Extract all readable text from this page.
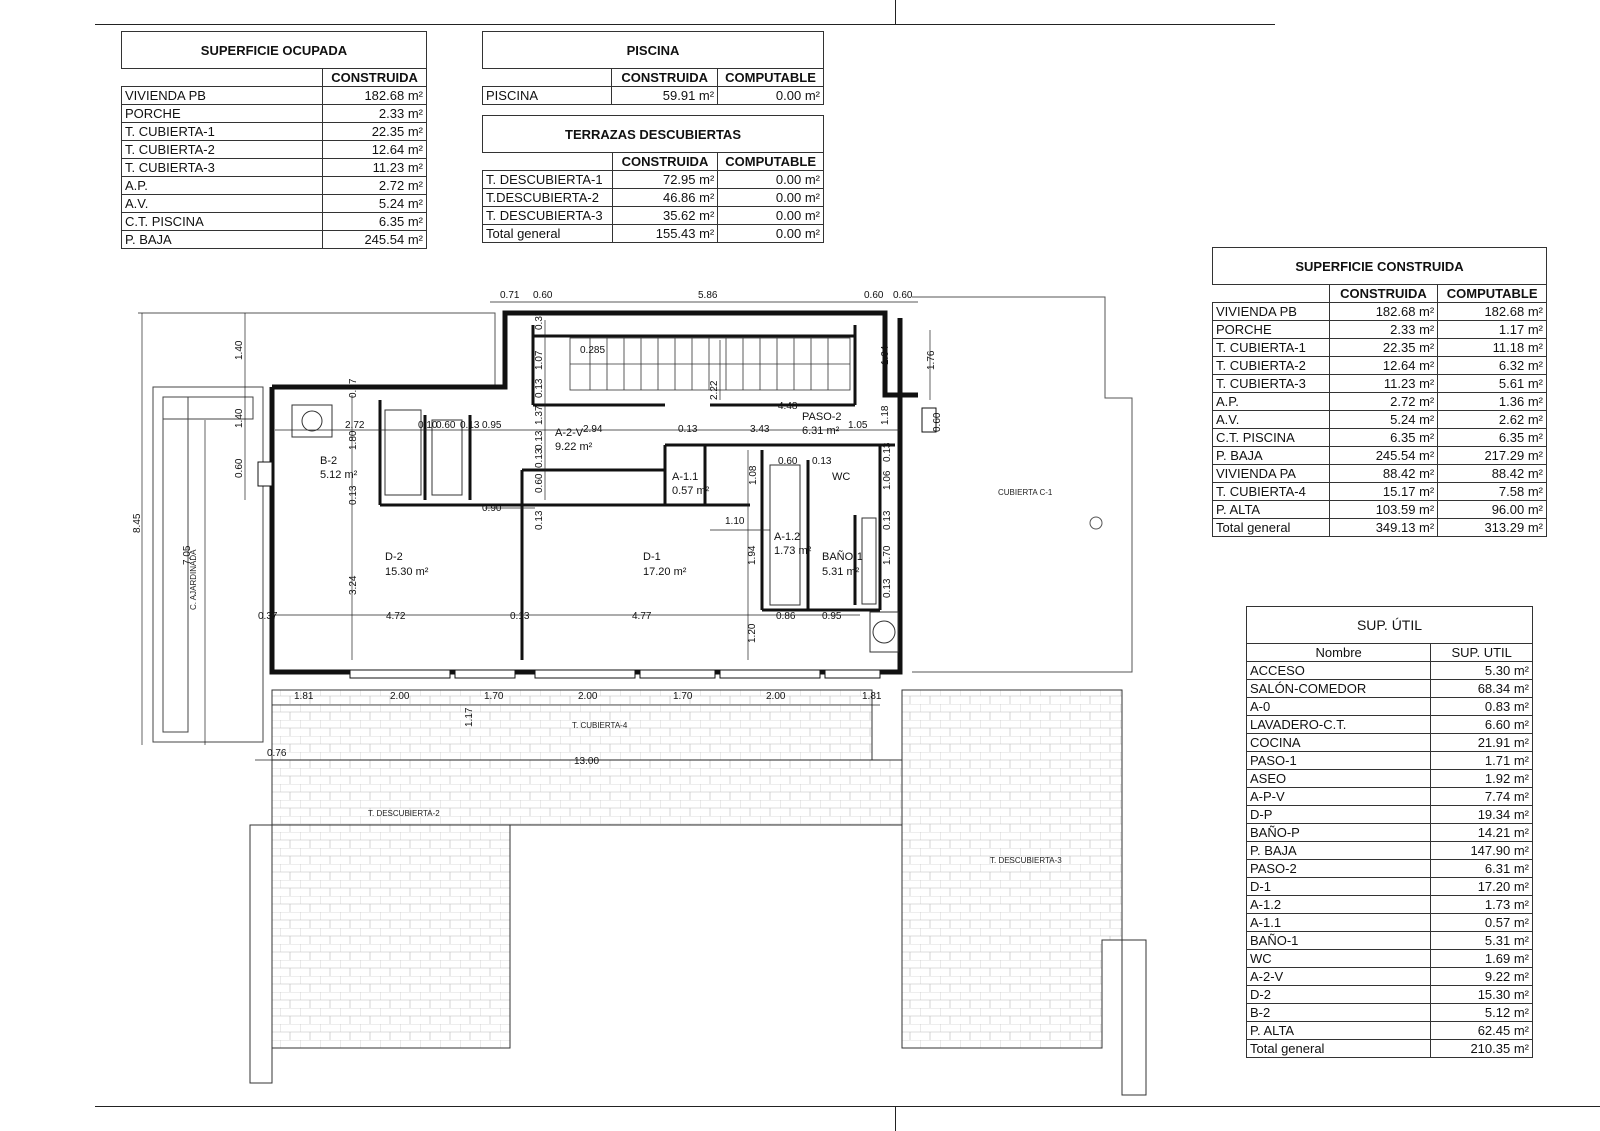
B-2
5.12 m²
A-2-V
9.22 m²
PASO-2
6.31 m²
A-1.1
0.57 m²
WC
D-2
15.30 m²
D-1
17.20 m²
A-1.2
1.73 m² BAÑO-1
5.31 m²
CUBIERTA C-1
C. AJARDINADA
T. CUBIERTA-4
T. DESCUBIERTA-2
T. DESCUBIERTA-3
0.71 0.60	5.86	0.60 0.60
1.40
0.37
1.40
0.60
8.45
7.05
1.80
0.13
3.24
2.72	0.10
0.60 0.13 0.95
0.37
1.07
0.13
1.37
0.13
0.285
2.94
4.48
0.13	3.43	1.05
2.22
1.04
1.18
1.76
0.60
0.90
0.13
0.60
0.13
0.60 0.13
1.08
1.10
1.06
0.13
0.13
1.70
0.13
1.94
1.20
0.37	4.72	0.13	4.77	0.86	0.95
1.81	2.00	1.70	2.00	1.70	2.00	1.81
1.17
0.76
13.00
SUPERFICIE OCUPADA	
	CONSTRUIDA
VIVIENDA PB	182.68 m²
PORCHE	2.33 m²
T. CUBIERTA-1	22.35 m²
T. CUBIERTA-2	12.64 m²
T. CUBIERTA-3	11.23 m²
A.P.	2.72 m²
A.V.	5.24 m²
C.T. PISCINA	6.35 m²
P. BAJA	245.54 m²
PISCINA		
	CONSTRUIDA	COMPUTABLE
PISCINA	59.91 m²	0.00 m²
TERRAZAS DESCUBIERTAS		
	CONSTRUIDA	COMPUTABLE
T. DESCUBIERTA-1	72.95 m²	0.00 m²
T.DESCUBIERTA-2	46.86 m²	0.00 m²
T. DESCUBIERTA-3	35.62 m²	0.00 m²
Total general	155.43 m²	0.00 m²
SUPERFICIE CONSTRUIDA		
	CONSTRUIDA	COMPUTABLE
VIVIENDA PB	182.68 m²	182.68 m²
PORCHE	2.33 m²	1.17 m²
T. CUBIERTA-1	22.35 m²	11.18 m²
T. CUBIERTA-2	12.64 m²	6.32 m²
T. CUBIERTA-3	11.23 m²	5.61 m²
A.P.	2.72 m²	1.36 m²
A.V.	5.24 m²	2.62 m²
C.T. PISCINA	6.35 m²	6.35 m²
P. BAJA	245.54 m²	217.29 m²
VIVIENDA PA	88.42 m²	88.42 m²
T. CUBIERTA-4	15.17 m²	7.58 m²
P. ALTA	103.59 m²	96.00 m²
Total general	349.13 m²	313.29 m²
SUP. ÚTIL	
Nombre	SUP. UTIL
ACCESO	5.30 m²
SALÓN-COMEDOR	68.34 m²
A-0	0.83 m²
LAVADERO-C.T.	6.60 m²
COCINA	21.91 m²
PASO-1	1.71 m²
ASEO	1.92 m²
A-P-V	7.74 m²
D-P	19.34 m²
BAÑO-P	14.21 m²
P. BAJA	147.90 m²
PASO-2	6.31 m²
D-1	17.20 m²
A-1.2	1.73 m²
A-1.1	0.57 m²
BAÑO-1	5.31 m²
WC	1.69 m²
A-2-V	9.22 m²
D-2	15.30 m²
B-2	5.12 m²
P. ALTA	62.45 m²
Total general	210.35 m²
